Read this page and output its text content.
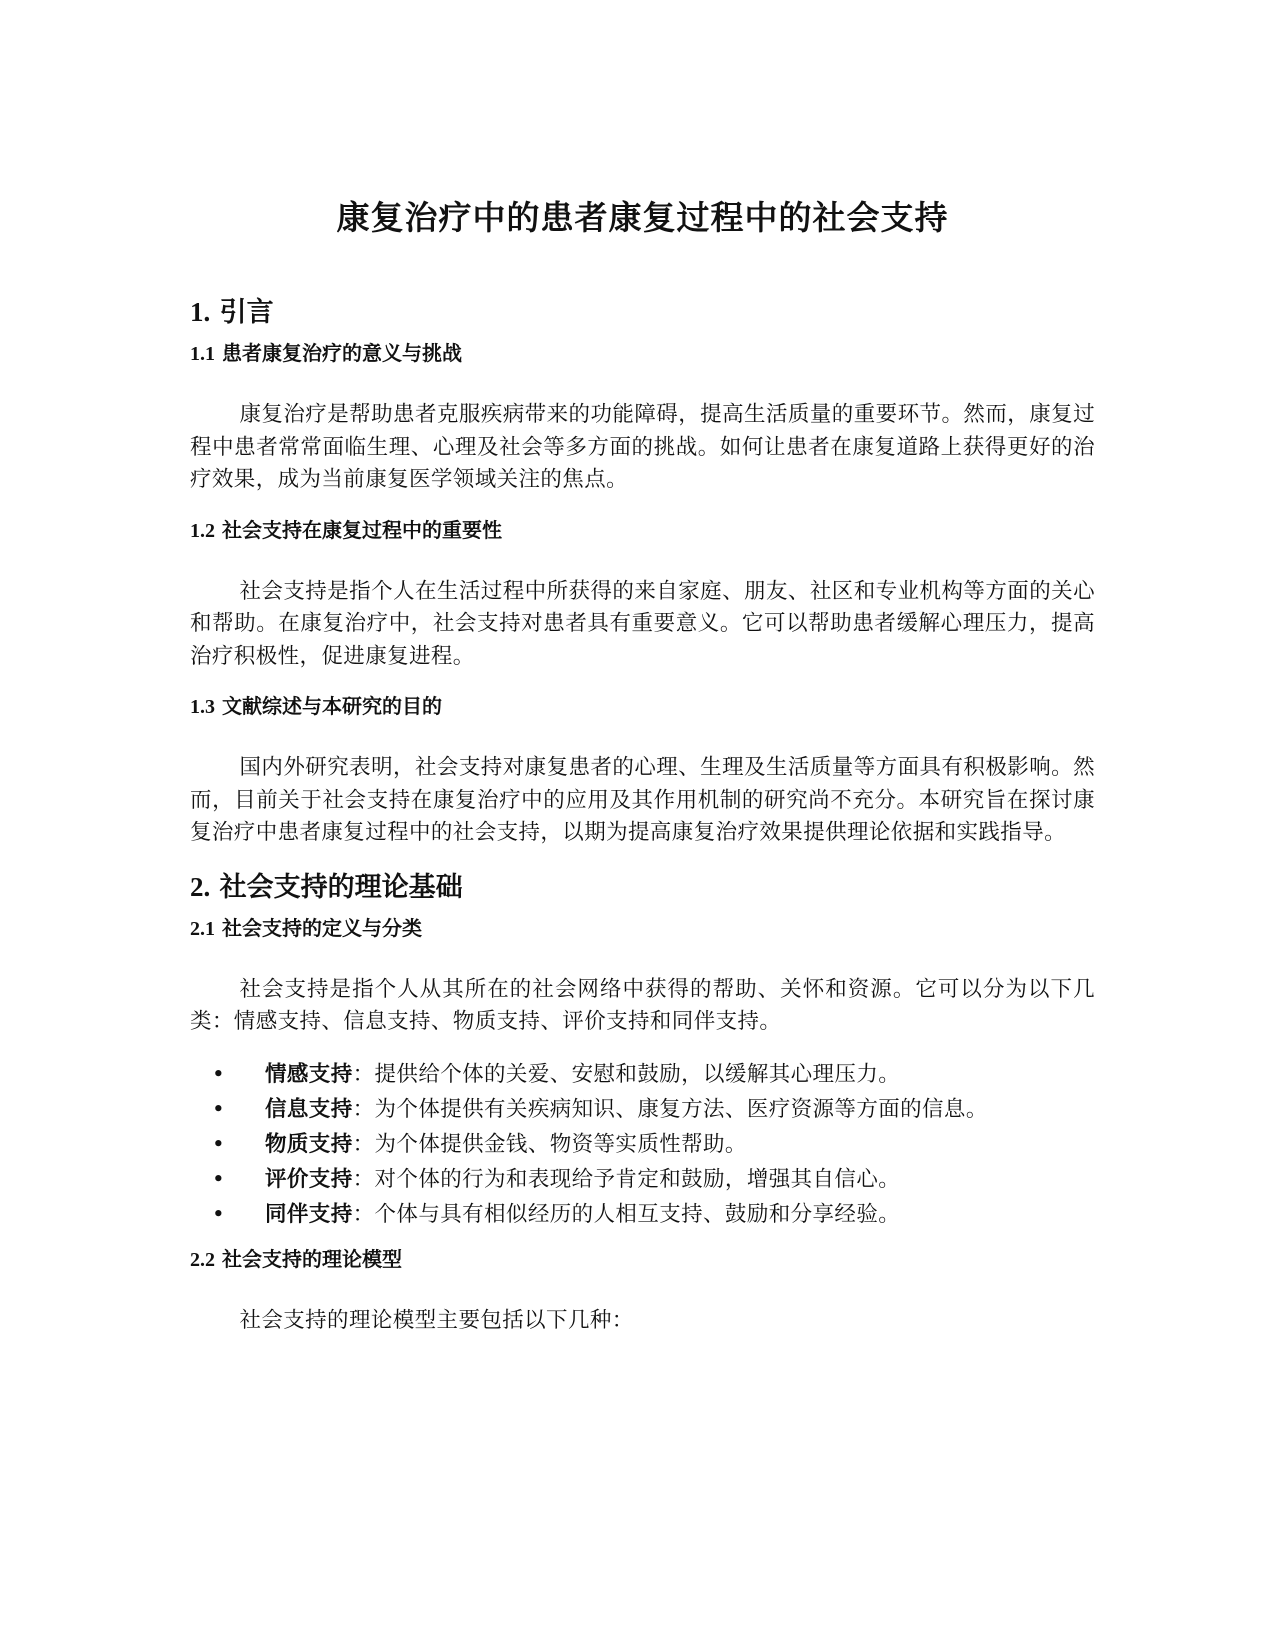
康复治疗中的患者康复过程中的社会支持
1. 引言
1.1 患者康复治疗的意义与挑战

康复治疗是帮助患者克服疾病带来的功能障碍，提高生活质量的重要环节。然而，康复过程中患者常常面临生理、心理及社会等多方面的挑战。如何让患者在康复道路上获得更好的治疗效果，成为当前康复医学领域关注的焦点。

1.2 社会支持在康复过程中的重要性

社会支持是指个人在生活过程中所获得的来自家庭、朋友、社区和专业机构等方面的关心和帮助。在康复治疗中，社会支持对患者具有重要意义。它可以帮助患者缓解心理压力，提高治疗积极性，促进康复进程。

1.3 文献综述与本研究的目的

国内外研究表明，社会支持对康复患者的心理、生理及生活质量等方面具有积极影响。然而，目前关于社会支持在康复治疗中的应用及其作用机制的研究尚不充分。本研究旨在探讨康复治疗中患者康复过程中的社会支持，以期为提高康复治疗效果提供理论依据和实践指导。

2. 社会支持的理论基础
2.1 社会支持的定义与分类

社会支持是指个人从其所在的社会网络中获得的帮助、关怀和资源。它可以分为以下几类：情感支持、信息支持、物质支持、评价支持和同伴支持。

• 情感支持：提供给个体的关爱、安慰和鼓励，以缓解其心理压力。
• 信息支持：为个体提供有关疾病知识、康复方法、医疗资源等方面的信息。
• 物质支持：为个体提供金钱、物资等实质性帮助。
• 评价支持：对个体的行为和表现给予肯定和鼓励，增强其自信心。
• 同伴支持：个体与具有相似经历的人相互支持、鼓励和分享经验。
2.2 社会支持的理论模型

社会支持的理论模型主要包括以下几种：
